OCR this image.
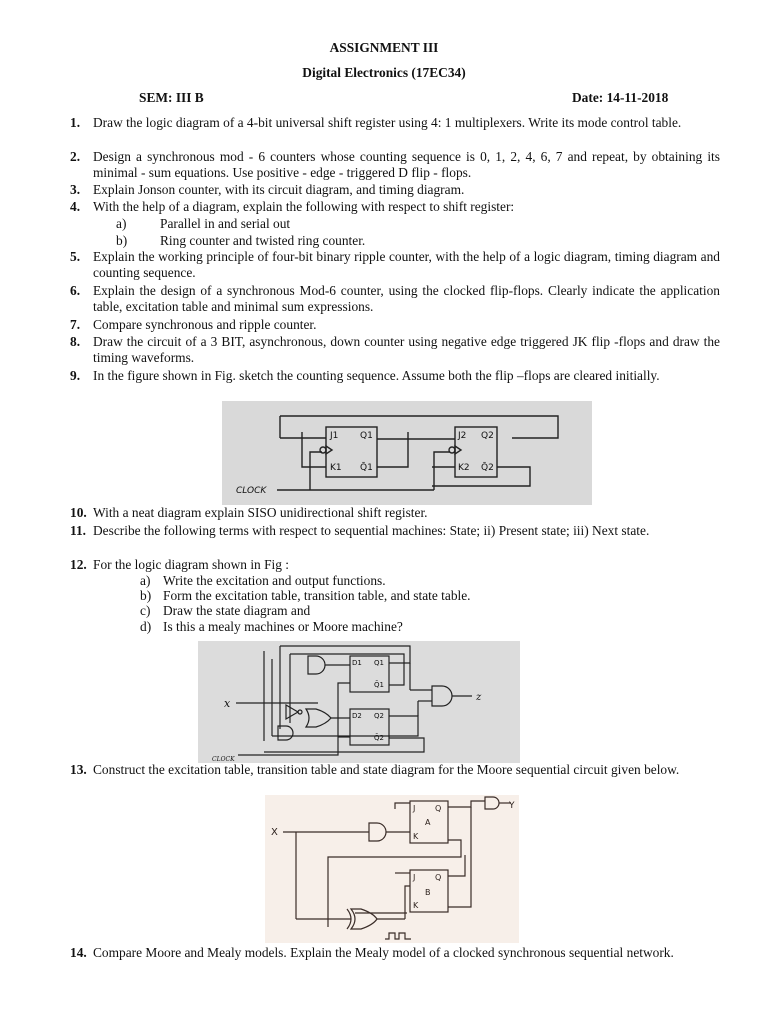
ASSIGNMENT III
Digital Electronics (17EC34)
SEM: III B	Date: 14-11-2018
1. Draw the logic diagram of a 4-bit universal shift register using 4: 1 multiplexers. Write its mode control table.
2. Design a synchronous mod - 6 counters whose counting sequence is 0, 1, 2, 4, 6, 7 and repeat, by obtaining its minimal - sum equations. Use positive - edge - triggered D flip - flops.
3. Explain Jonson counter, with its circuit diagram, and timing diagram.
4. With the help of a diagram, explain the following with respect to shift register:
a)	Parallel in and serial out
b) Ring counter and twisted ring counter.
5. Explain the working principle of four-bit binary ripple counter, with the help of a logic diagram, timing diagram and counting sequence.
6. Explain the design of a synchronous Mod-6 counter, using the clocked flip-flops. Clearly indicate the application table, excitation table and minimal sum expressions.
7. Compare synchronous and ripple counter.
8. Draw the circuit of a 3 BIT, asynchronous, down counter using negative edge triggered JK flip -flops and draw the timing waveforms.
9. In the figure shown in Fig. sketch the counting sequence. Assume both the flip –flops are cleared initially.
J1 Q1
K1 Q̄1
J2 Q2
K2 Q̄2
CLOCK
10. With a neat diagram explain SISO unidirectional shift register.
11. Describe the following terms with respect to sequential machines: State; ii) Present state; iii) Next state.
12. For the logic diagram shown in Fig :
a) Write the excitation and output functions.
b) Form the excitation table, transition table, and state table.
c) Draw the state diagram and
d) Is this a mealy machines or Moore machine?
D1 Q1
Q̄1
D2 Q2
Q̄2
x	z
CLOCK
13. Construct the excitation table, transition table and state diagram for the Moore sequential circuit given below.
J Q
K
J Q
K
A
B
X
Y
14. Compare Moore and Mealy models. Explain the Mealy model of a clocked synchronous sequential network.
